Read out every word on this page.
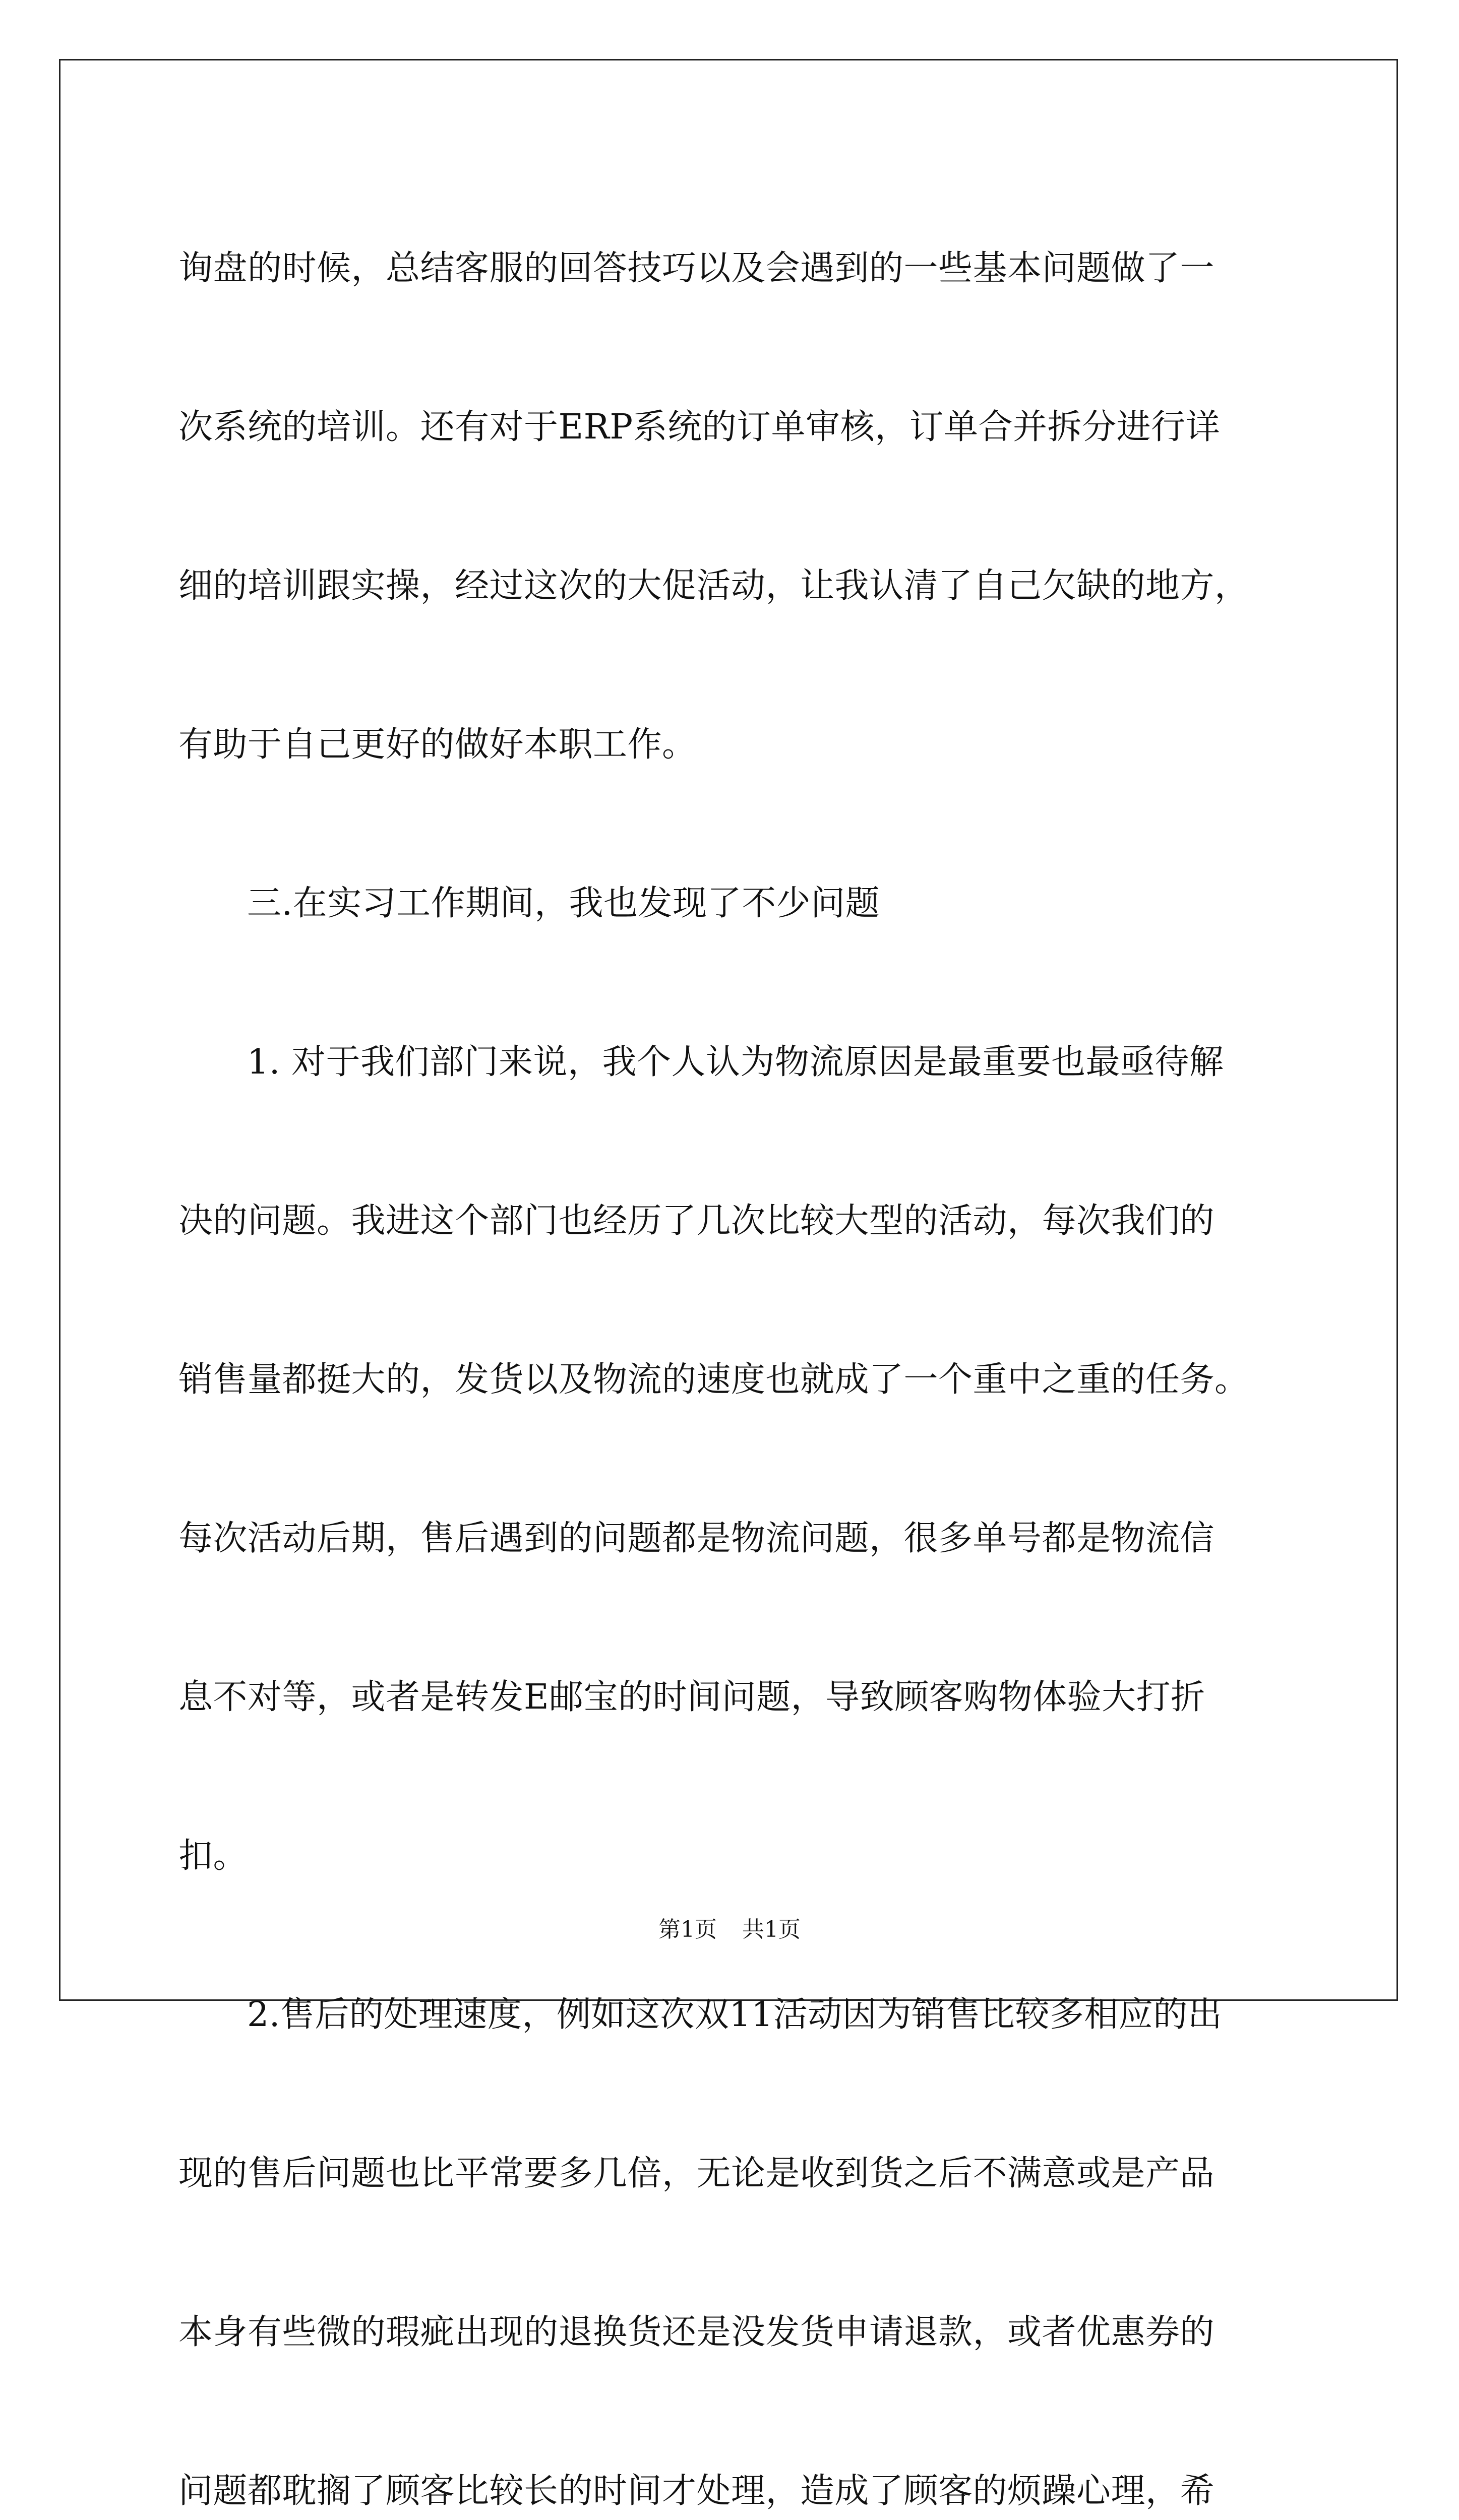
询盘的时候，总结客服的回答技巧以及会遇到的一些基本问题做了一
次系统的培训。还有对于ERP系统的订单审核，订单合并拆分进行详
细的培训跟实操，经过这次的大促活动，让我认清了自己欠缺的地方，
有助于自己更好的做好本职工作。
三.在实习工作期间，我也发现了不少问题
1. 对于我们部门来说，我个人认为物流原因是最重要也最亟待解
决的问题。我进这个部门也经历了几次比较大型的活动，每次我们的
销售量都挺大的，发货以及物流的速度也就成了一个重中之重的任务。
每次活动后期，售后遇到的问题都是物流问题，很多单号都是物流信
息不对等，或者是转发E邮宝的时间问题，导致顾客购物体验大打折
扣。
2.售后的处理速度，例如这次双11活动因为销售比较多相应的出
现的售后问题也比平常要多几倍，无论是收到货之后不满意或是产品
本身有些微的瑕疵出现的退换货还是没发货申请退款，或者优惠券的
问题都耽搁了顾客比较长的时间才处理，造成了顾客的烦躁心理，希
第1页 共1页
